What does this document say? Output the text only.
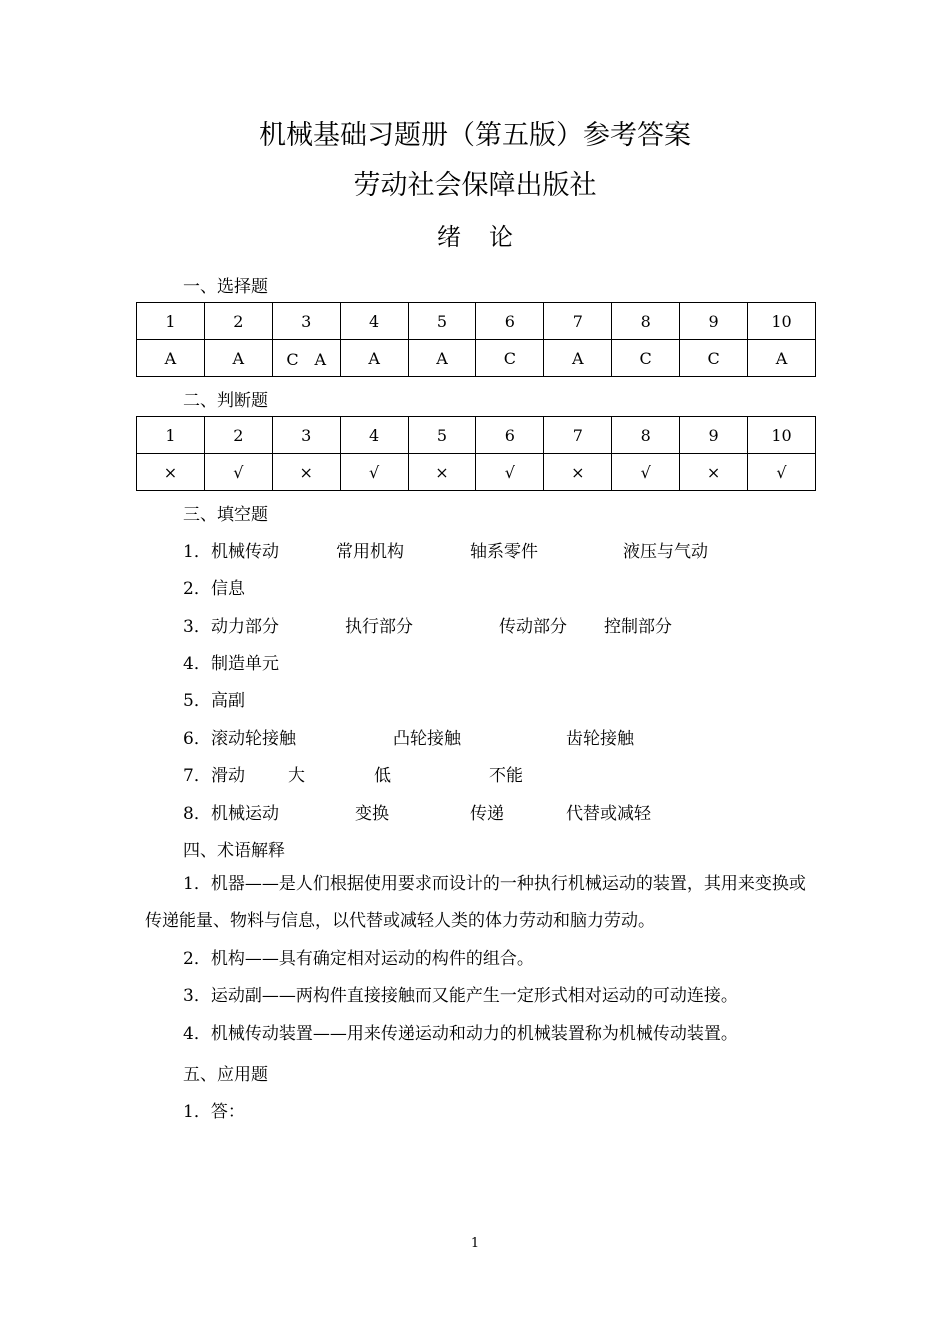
机械基础习题册（第五版）参考答案
劳动社会保障出版社
绪论
一、选择题
1	2	3	4	5	6	7	8	9	10
A	A	C　A	A	A	C	A	C	C	A
二、判断题
1	2	3	4	5	6	7	8	9	10
×	√	×	√	×	√	×	√	×	√
三、填空题
1． 机械传动	常用机构	轴系零件	液压与气动
2． 信息
3． 动力部分	执行部分	传动部分 控制部分
4． 制造单元
5． 高副
6． 滚动轮接触	凸轮接触	齿轮接触
7． 滑动	大	低	不能
8． 机械运动	变换	传递	代替或减轻
四、术语解释
1．机器——是人们根据使用要求而设计的一种执行机械运动的装置，其用来变换或传递能量、物料与信息，以代替或减轻人类的体力劳动和脑力劳动。
2．机构——具有确定相对运动的构件的组合。
3．运动副——两构件直接接触而又能产生一定形式相对运动的可动连接。
4．机械传动装置——用来传递运动和动力的机械装置称为机械传动装置。
五、应用题
1．答：
1
